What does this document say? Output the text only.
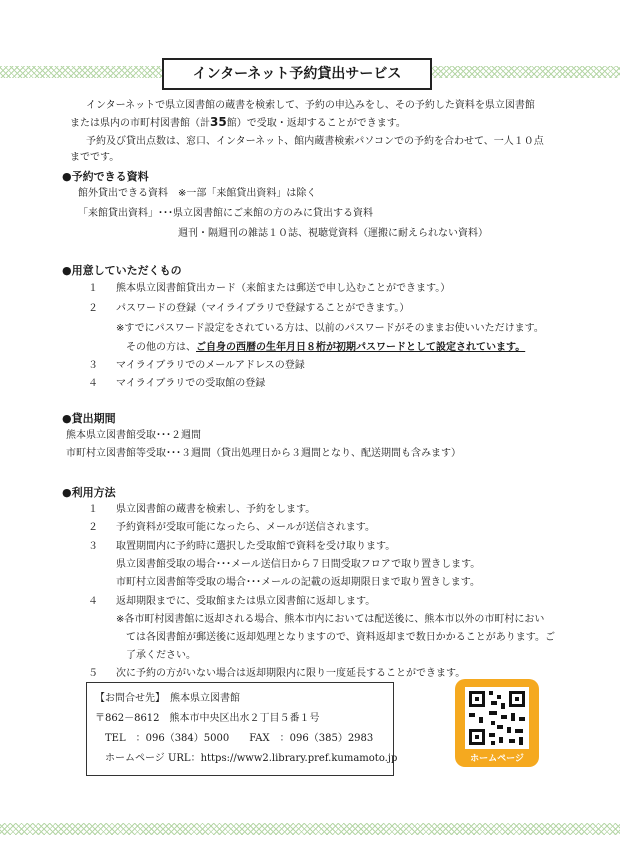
インターネット予約貸出サービス
インターネットで県立図書館の蔵書を検索して、予約の申込みをし、その予約した資料を県立図書館
または県内の市町村図書館（計35館）で受取・返却することができます。
予約及び貸出点数は、窓口、インターネット、館内蔵書検索パソコンでの予約を合わせて、一人１０点
までです。
●予約できる資料
館外貸出できる資料　※一部「来館貸出資料」は除く
「来館貸出資料」･･･県立図書館にご来館の方のみに貸出する資料
週刊・隔週刊の雑誌１０誌、視聴覚資料（運搬に耐えられない資料）
●用意していただくもの
１ 熊本県立図書館貸出カード（来館または郵送で申し込むことができます。）
２ パスワードの登録（マイライブラリで登録することができます。）
※すでにパスワード設定をされている方は、以前のパスワードがそのままお使いいただけます。
その他の方は、ご自身の西暦の生年月日８桁が初期パスワードとして設定されています。
３ マイライブラリでのメールアドレスの登録
４ マイライブラリでの受取館の登録
●貸出期間
熊本県立図書館受取･･･２週間
市町村立図書館等受取･･･３週間（貸出処理日から３週間となり、配送期間も含みます）
●利用方法
１ 県立図書館の蔵書を検索し、予約をします。
２ 予約資料が受取可能になったら、メールが送信されます。
３ 取置期間内に予約時に選択した受取館で資料を受け取ります。
県立図書館受取の場合･･･メール送信日から７日間受取フロアで取り置きします。
市町村立図書館等受取の場合･･･メールの記載の返却期限日まで取り置きします。
４ 返却期限までに、受取館または県立図書館に返却します。
※各市町村図書館に返却される場合、熊本市内においては配送後に、熊本市以外の市町村におい
ては各図書館が郵送後に返却処理となりますので、資料返却まで数日かかることがあります。ご
了承ください。
５ 次に予約の方がいない場合は返却期限内に限り一度延長することができます。
【お問合せ先】　熊本県立図書館
〒862－8612　熊本市中央区出水２丁目５番１号
TEL　：096（384）5000　　FAX　：096（385）2983
ホームページ URL：https://www2.library.pref.kumamoto.jp	ホームページ
